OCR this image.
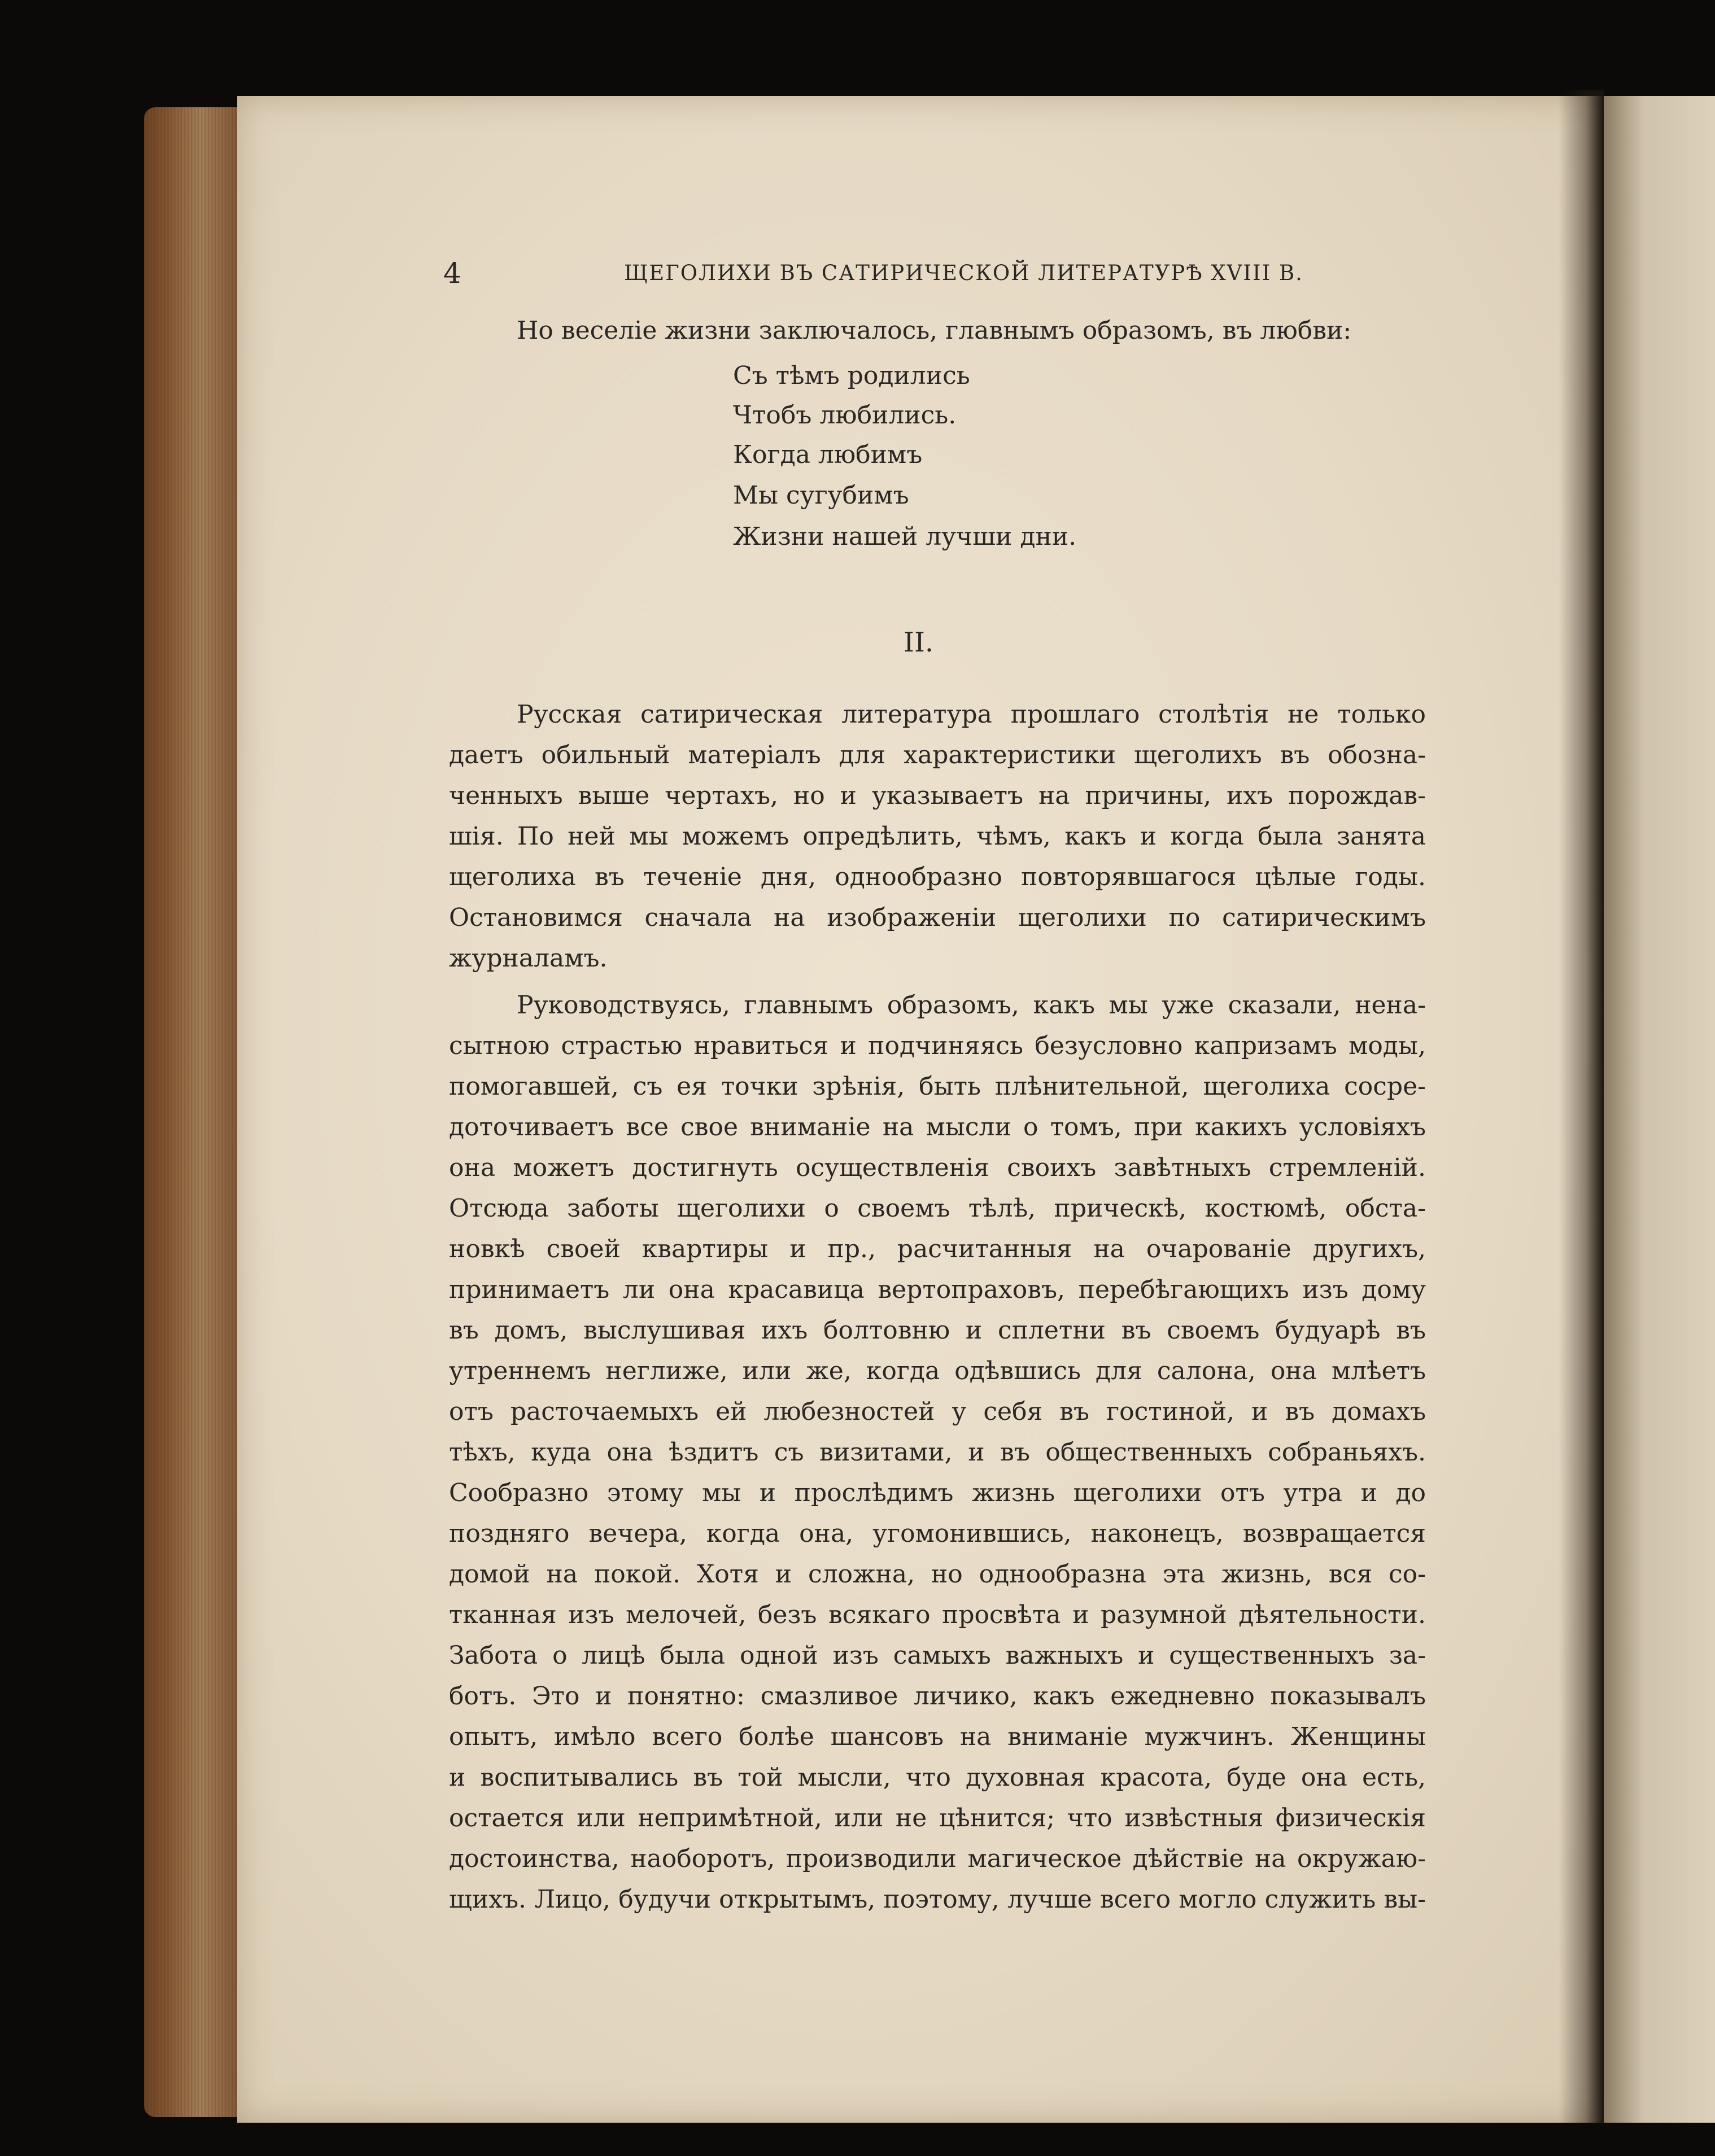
4	ЩЕГОЛИХИ ВЪ САТИРИЧЕСКОЙ ЛИТЕРАТУРѢ XVIII В.

Но веселіе жизни заключалось, главнымъ образомъ, въ любви:

Съ тѣмъ родились

Чтобъ любились.

Когда любимъ

Мы сугубимъ

Жизни нашей лучши дни.

II.

Русская сатирическая литература прошлаго столѣтія не только

даетъ обильный матеріалъ для характеристики щеголихъ въ обозна-

ченныхъ выше чертахъ, но и указываетъ на причины, ихъ порождав-

шія. По ней мы можемъ опредѣлить, чѣмъ, какъ и когда была занята

щеголиха въ теченіе дня, однообразно повторявшагося цѣлые годы.

Остановимся сначала на изображеніи щеголихи по сатирическимъ

журналамъ.

Руководствуясь, главнымъ образомъ, какъ мы уже сказали, нена-

сытною страстью нравиться и подчиняясь безусловно капризамъ моды,

помогавшей, съ ея точки зрѣнія, быть плѣнительной, щеголиха сосре-

доточиваетъ все свое вниманіе на мысли о томъ, при какихъ условіяхъ

она можетъ достигнуть осуществленія своихъ завѣтныхъ стремленій.

Отсюда заботы щеголихи о своемъ тѣлѣ, прическѣ, костюмѣ, обста-

новкѣ своей квартиры и пр., расчитанныя на очарованіе другихъ,

принимаетъ ли она красавица вертопраховъ, перебѣгающихъ изъ дому

въ домъ, выслушивая ихъ болтовню и сплетни въ своемъ будуарѣ въ

утреннемъ неглиже, или же, когда одѣвшись для салона, она млѣетъ

отъ расточаемыхъ ей любезностей у себя въ гостиной, и въ домахъ

тѣхъ, куда она ѣздитъ съ визитами, и въ общественныхъ собраньяхъ.

Сообразно этому мы и прослѣдимъ жизнь щеголихи отъ утра и до

поздняго вечера, когда она, угомонившись, наконецъ, возвращается

домой на покой. Хотя и сложна, но однообразна эта жизнь, вся со-

тканная изъ мелочей, безъ всякаго просвѣта и разумной дѣятельности.

Забота о лицѣ была одной изъ самыхъ важныхъ и существенныхъ за-

ботъ. Это и понятно: смазливое личико, какъ ежедневно показывалъ

опытъ, имѣло всего болѣе шансовъ на вниманіе мужчинъ. Женщины

и воспитывались въ той мысли, что духовная красота, буде она есть,

остается или непримѣтной, или не цѣнится; что извѣстныя физическія

достоинства, наоборотъ, производили магическое дѣйствіе на окружаю-

щихъ. Лицо, будучи открытымъ, поэтому, лучше всего могло служить вы-
